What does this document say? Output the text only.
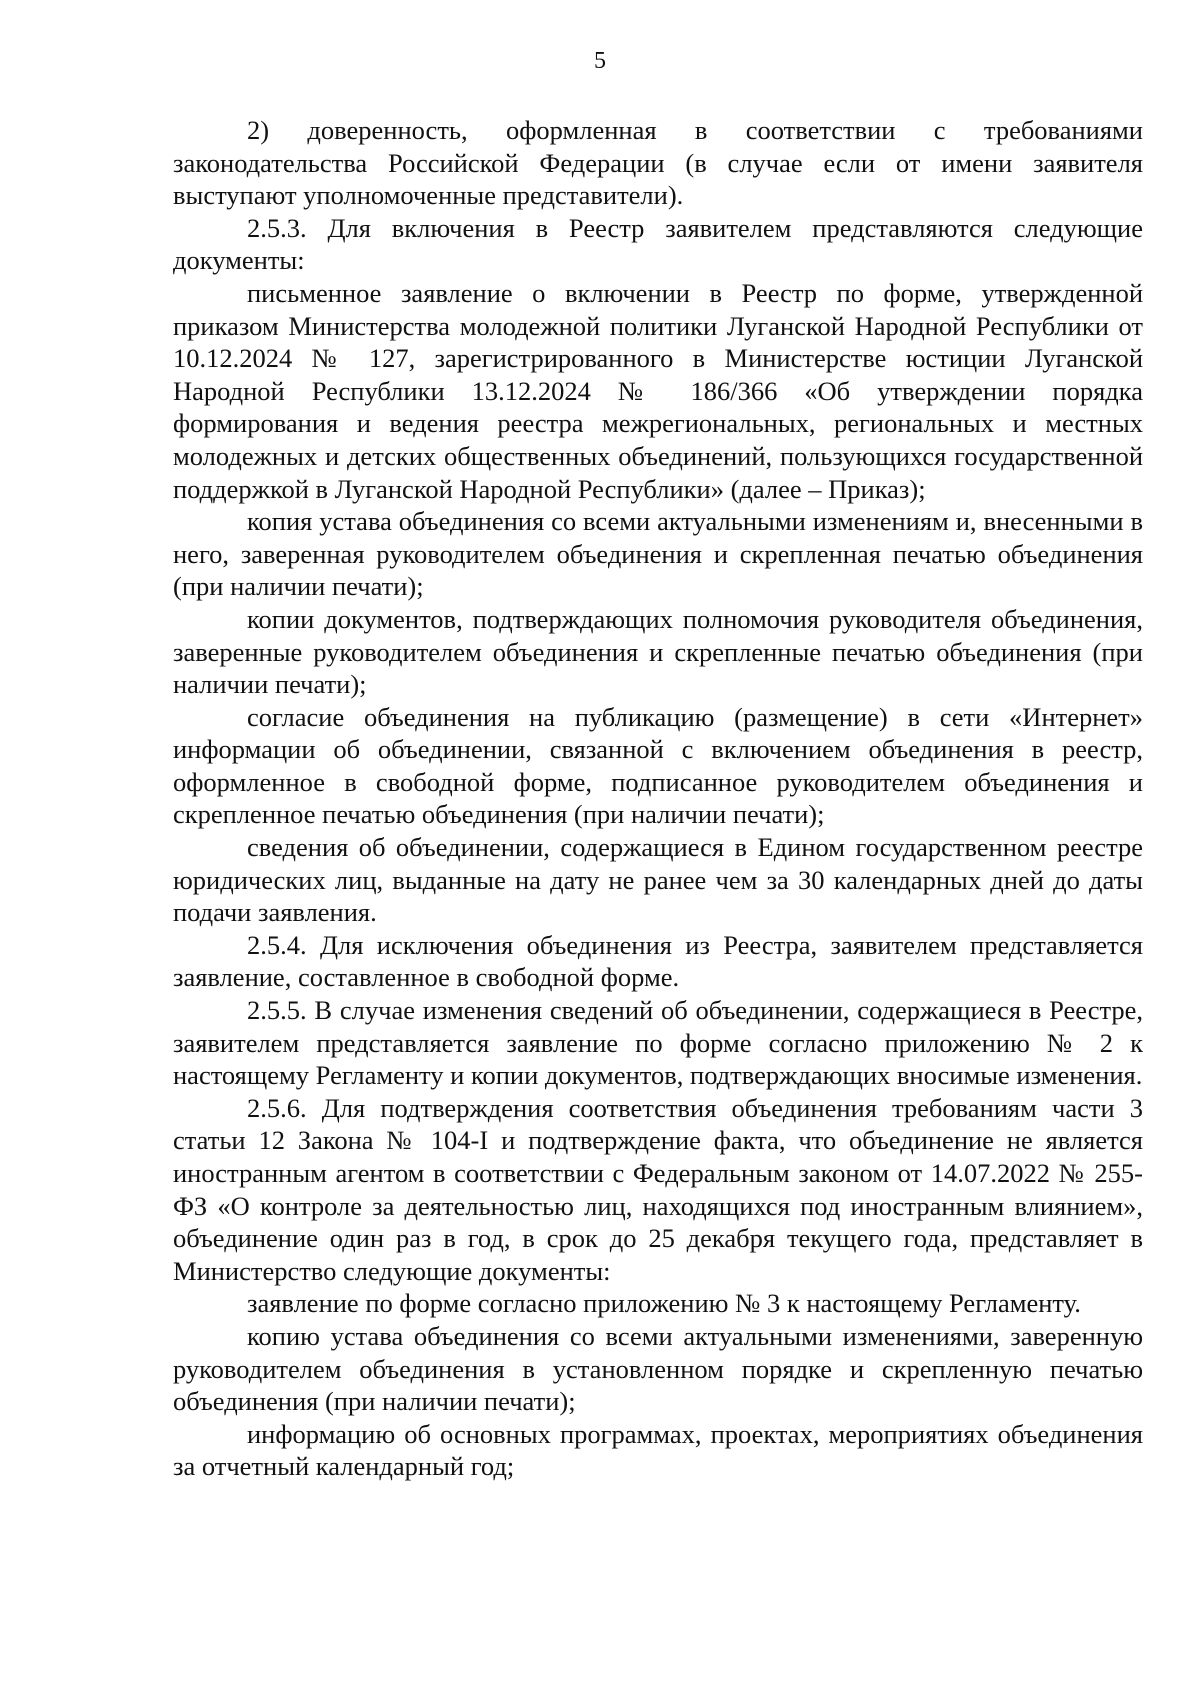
5

2) доверенность, оформленная в соответствии с требованиями законодательства Российской Федерации (в случае если от имени заявителя выступают уполномоченные представители).

2.5.3. Для включения в Реестр заявителем представляются следующие документы:

письменное заявление о включении в Реестр по форме, утвержденной приказом Министерства молодежной политики Луганской Народной Республики от 10.12.2024 № 127, зарегистрированного в Министерстве юстиции Луганской Народной Республики 13.12.2024 № 186/366 «Об утверждении порядка формирования и ведения реестра межрегиональных, региональных и местных молодежных и детских общественных объединений, пользующихся государственной поддержкой в Луганской Народной Республики» (далее – Приказ);

копия устава объединения со всеми актуальными изменениям и, внесенными в него, заверенная руководителем объединения и скрепленная печатью объединения (при наличии печати);

копии документов, подтверждающих полномочия руководителя объединения, заверенные руководителем объединения и скрепленные печатью объединения (при наличии печати);

согласие объединения на публикацию (размещение) в сети «Интернет» информации об объединении, связанной с включением объединения в реестр, оформленное в свободной форме, подписанное руководителем объединения и скрепленное печатью объединения (при наличии печати);

сведения об объединении, содержащиеся в Едином государственном реестре юридических лиц, выданные на дату не ранее чем за 30 календарных дней до даты подачи заявления.

2.5.4. Для исключения объединения из Реестра, заявителем представляется заявление, составленное в свободной форме.

2.5.5. В случае изменения сведений об объединении, содержащиеся в Реестре, заявителем представляется заявление по форме согласно приложению № 2 к настоящему Регламенту и копии документов, подтверждающих вносимые изменения.

2.5.6. Для подтверждения соответствия объединения требованиям части 3 статьи 12 Закона № 104-I и подтверждение факта, что объединение не является иностранным агентом в соответствии с Федеральным законом от 14.07.2022 № 255-ФЗ «О контроле за деятельностью лиц, находящихся под иностранным влиянием», объединение один раз в год, в срок до 25 декабря текущего года, представляет в Министерство следующие документы:

заявление по форме согласно приложению № 3 к настоящему Регламенту.

копию устава объединения со всеми актуальными изменениями, заверенную руководителем объединения в установленном порядке и скрепленную печатью объединения (при наличии печати);

информацию об основных программах, проектах, мероприятиях объединения за отчетный календарный год;
